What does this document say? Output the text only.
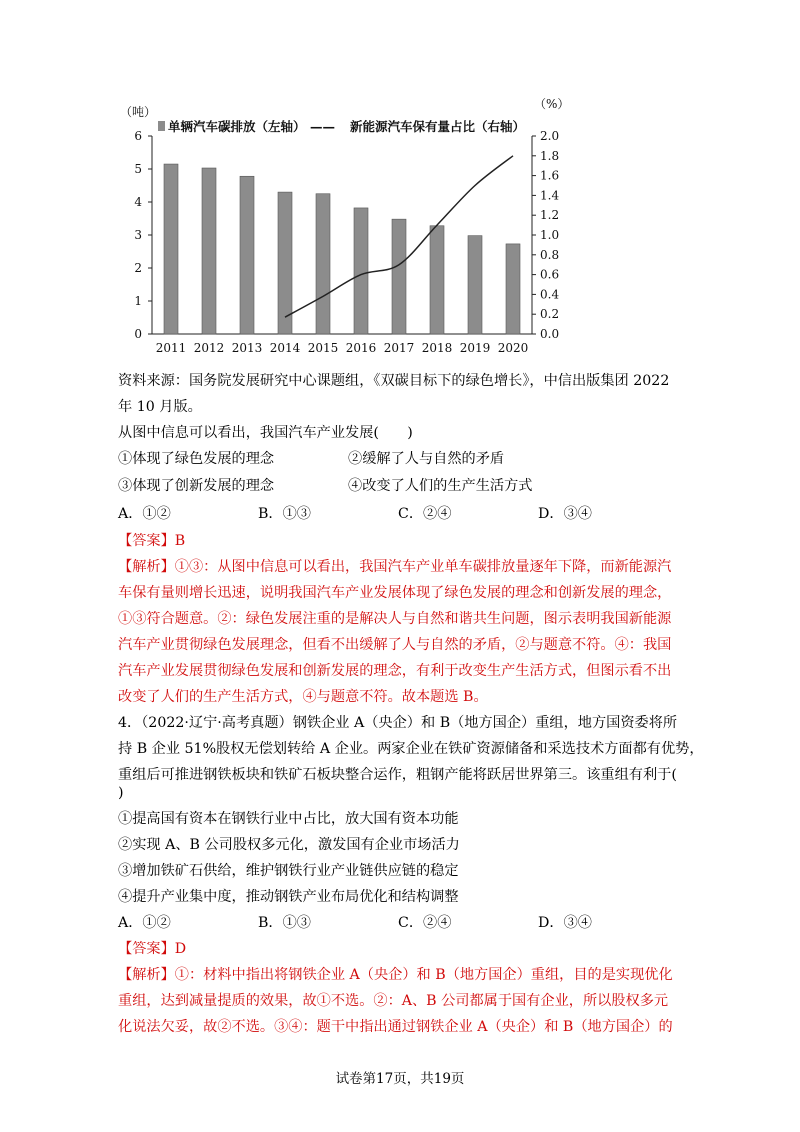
0
1
2
3
4
5
6
0.0
0.2
0.4
0.6
0.8
1.0
1.2
1.4
1.6
1.8
2.0
2011 2012 2013 2014 2015 2016 2017 2018 2019 2020
（吨）
（%）
单辆汽车碳排放（左轴） —— 新能源汽车保有量占比（右轴）
资料来源：国务院发展研究中心课题组，《双碳目标下的绿色增长》，中信出版集团 2022
年 10 月版。
从图中信息可以看出，我国汽车产业发展(　　)
①体现了绿色发展的理念	②缓解了人与自然的矛盾
③体现了创新发展的理念	④改变了人们的生产生活方式
A．①②	B．①③	C．②④	D．③④
【答案】B
【解析】①③：从图中信息可以看出，我国汽车产业单车碳排放量逐年下降，而新能源汽
车保有量则增长迅速，说明我国汽车产业发展体现了绿色发展的理念和创新发展的理念，
①③符合题意。②：绿色发展注重的是解决人与自然和谐共生问题，图示表明我国新能源
汽车产业贯彻绿色发展理念，但看不出缓解了人与自然的矛盾，②与题意不符。④：我国
汽车产业发展贯彻绿色发展和创新发展的理念，有利于改变生产生活方式，但图示看不出
改变了人们的生产生活方式，④与题意不符。故本题选 B。
4．（2022·辽宁·高考真题）钢铁企业 A（央企）和 B（地方国企）重组，地方国资委将所
持 B 企业 51%股权无偿划转给 A 企业。两家企业在铁矿资源储备和采选技术方面都有优势，
重组后可推进钢铁板块和铁矿石板块整合运作，粗钢产能将跃居世界第三。该重组有利于(
)
①提高国有资本在钢铁行业中占比，放大国有资本功能
②实现 A、B 公司股权多元化，激发国有企业市场活力
③增加铁矿石供给，维护钢铁行业产业链供应链的稳定
④提升产业集中度，推动钢铁产业布局优化和结构调整
A．①②	B．①③	C．②④	D．③④
【答案】D
【解析】①：材料中指出将钢铁企业 A（央企）和 B（地方国企）重组，目的是实现优化
重组，达到减量提质的效果，故①不选。②：A、B 公司都属于国有企业，所以股权多元
化说法欠妥，故②不选。③④：题干中指出通过钢铁企业 A（央企）和 B（地方国企）的
试卷第17页，共19页
